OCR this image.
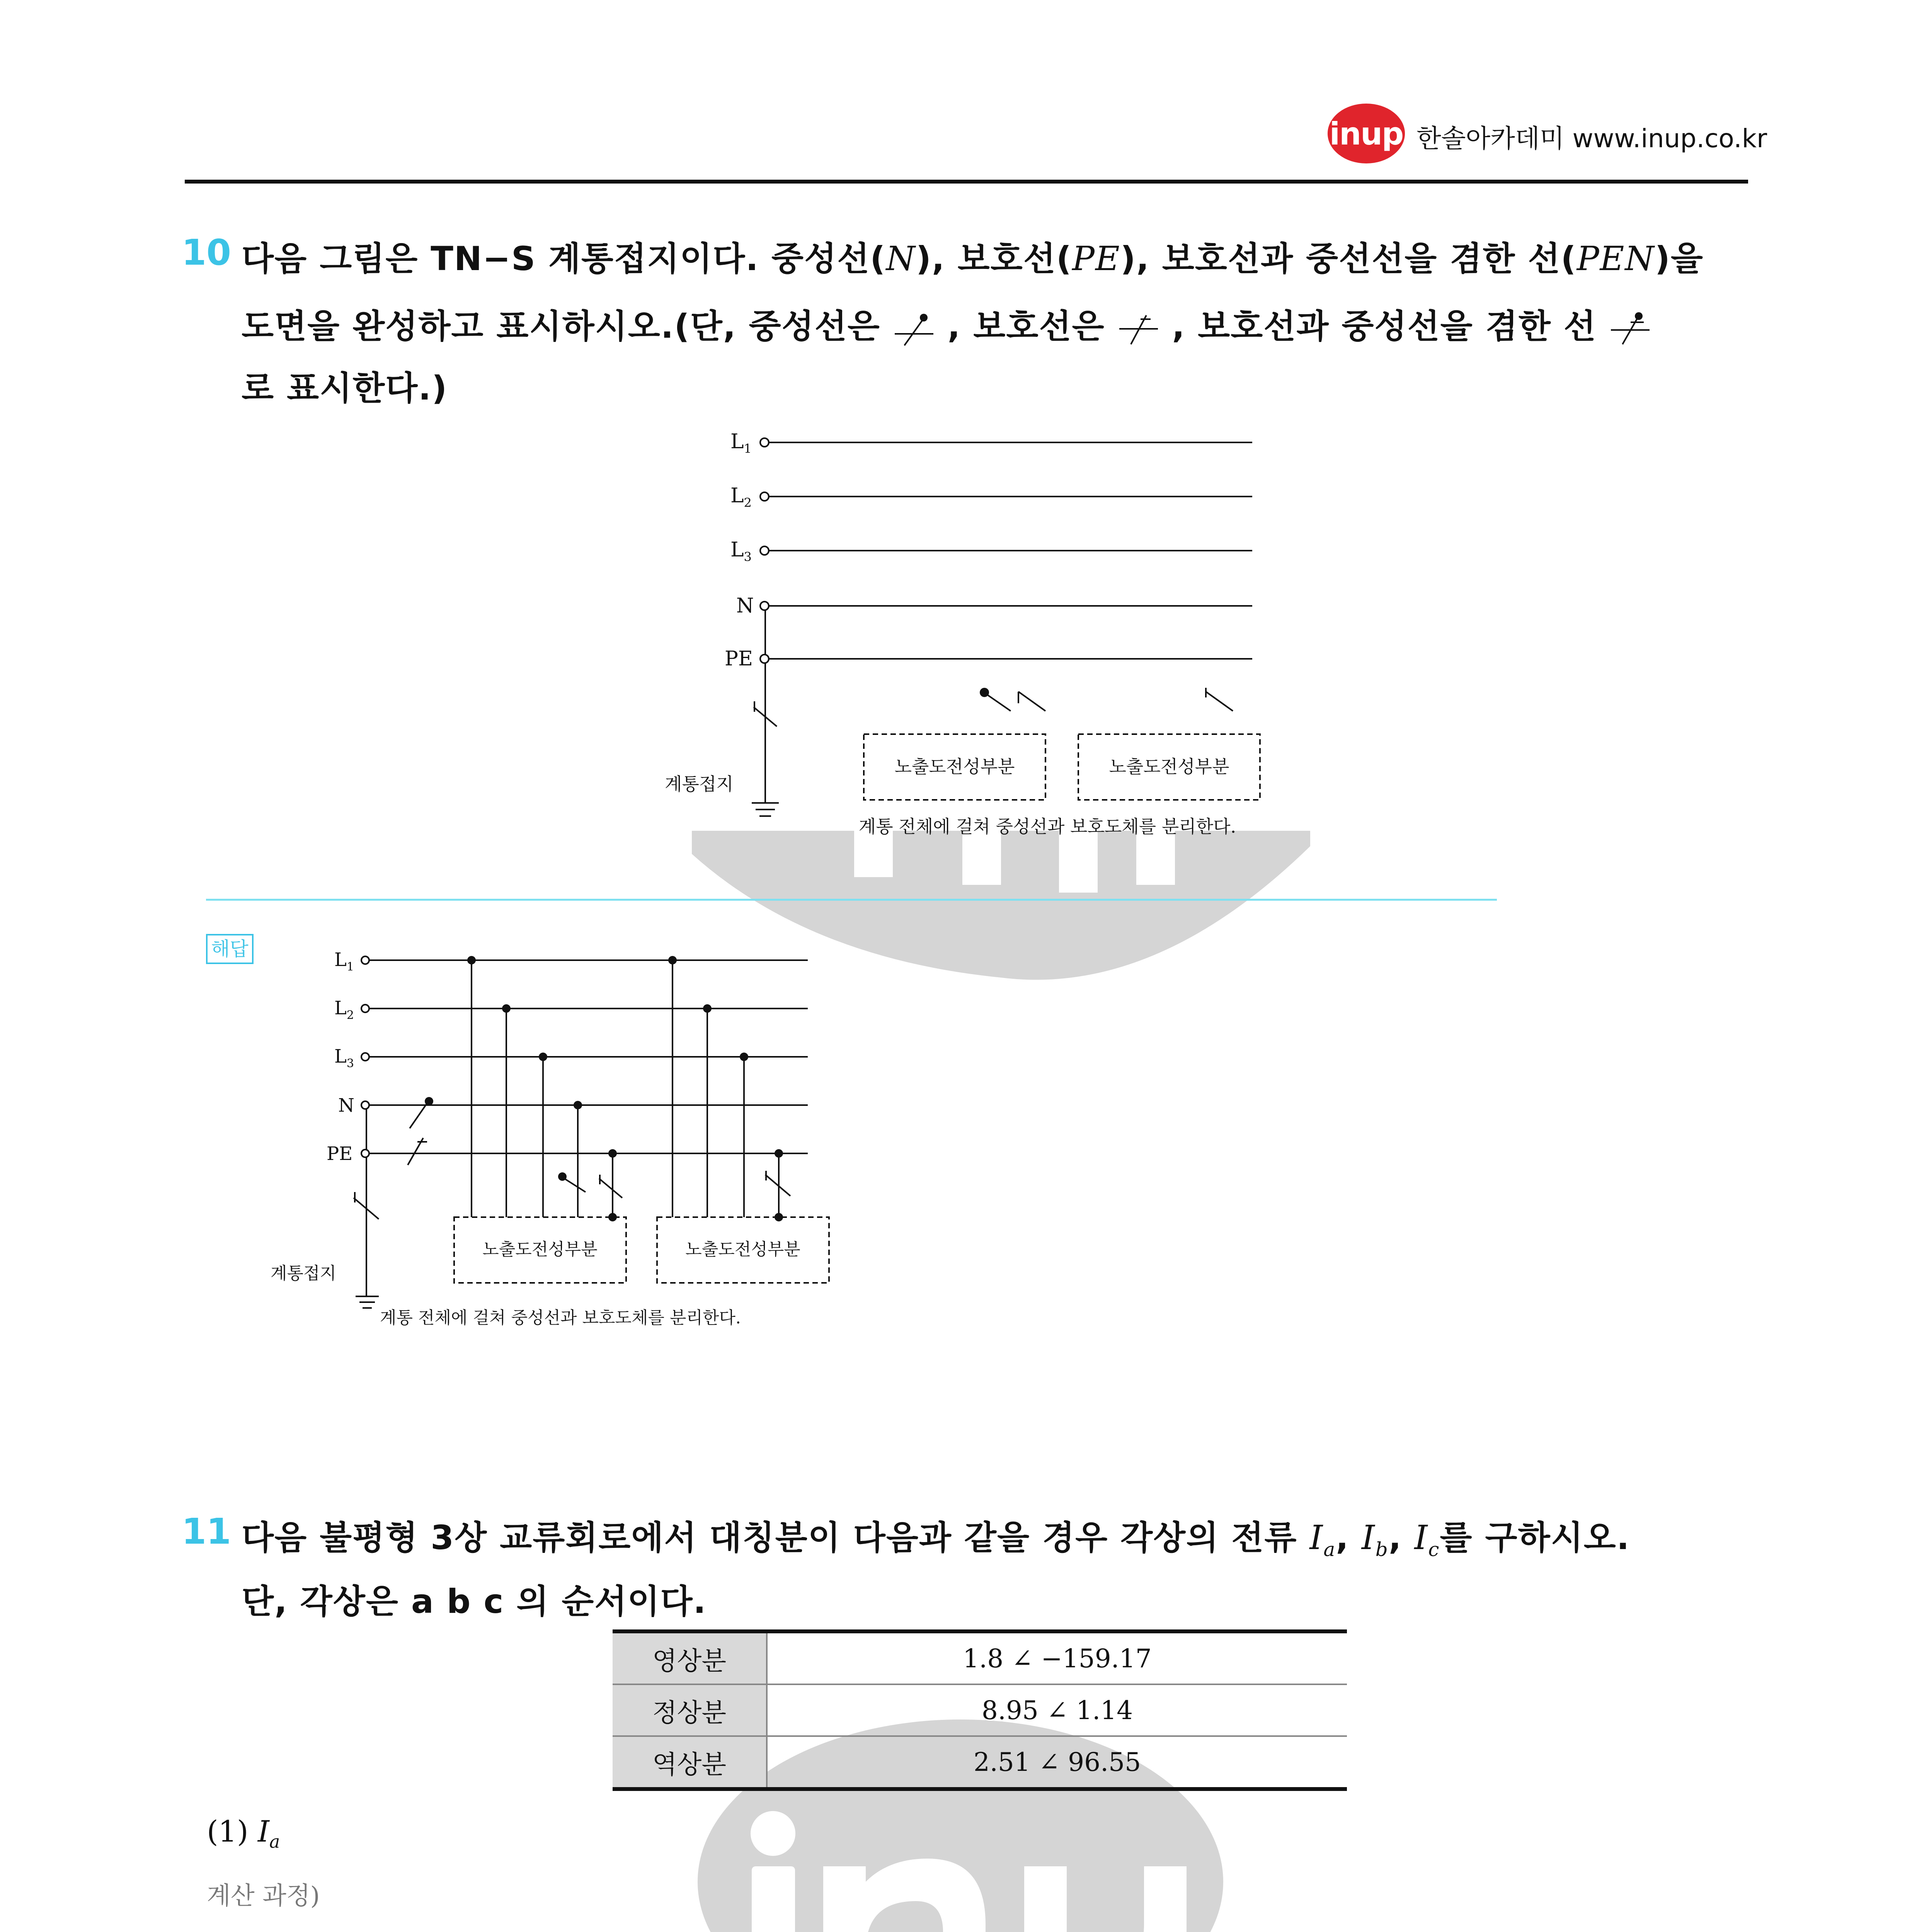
inup 한솔아카데미 www.inup.co.kr
10 다음 그림은 TN−S 계통접지이다. 중성선(N), 보호선(PE), 보호선과 중선선을 겸한 선(PEN)을
도면을 완성하고 표시하시오.(단, 중성선은 , 보호선은 , 보호선과 중성선을 겸한 선
로 표시한다.)
$L_1$
$L_2$
$L_3$
N
PE
계통접지
노출도전성부분	노출도전성부분
계통 전체에 걸쳐 중성선과 보호도체를 분리한다.
해답	$L_1$
$L_2$
$L_3$
N
PE
계통접지
노출도전성부분	노출도전성부분
계통 전체에 걸쳐 중성선과 보호도체를 분리한다.
11 다음 불평형 3상 교류회로에서 대칭분이 다음과 같을 경우 각상의 전류 $I_a$, $I_b$, $I_c$를 구하시오.
단, 각상은 a b c 의 순서이다.
영상분	1.8 ∠ −159.17
정상분	8.95 ∠ 1.14
역상분	2.51 ∠ 96.55
(1) $I_a$
계산 과정)
